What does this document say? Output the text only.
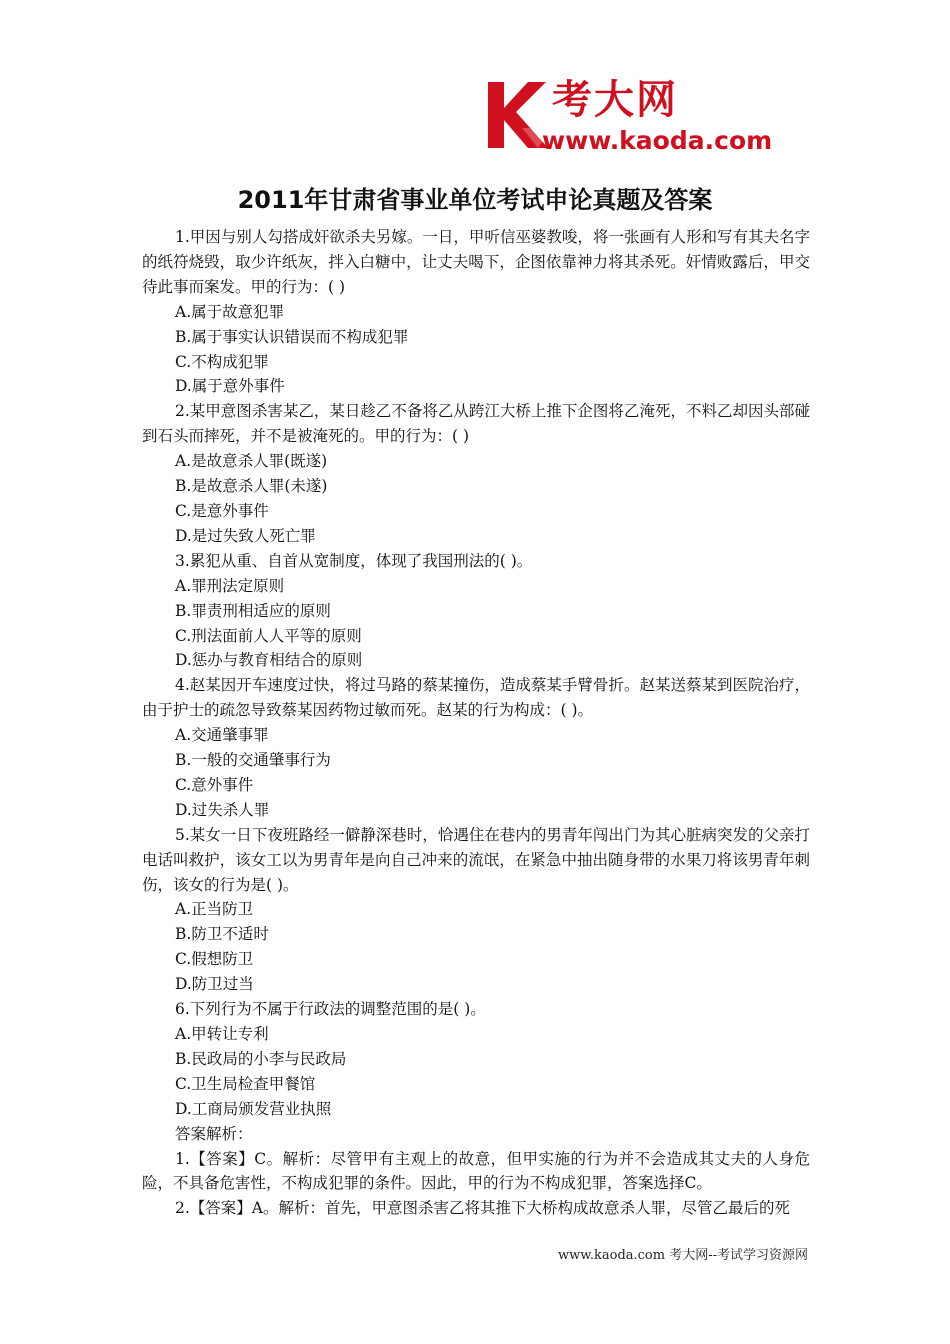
考大网
www.kaoda.com
2011年甘肃省事业单位考试申论真题及答案

1.甲因与别人勾搭成奸欲杀夫另嫁。一日，甲听信巫婆教唆，将一张画有人形和写有其夫名字的纸符烧毁，取少许纸灰，拌入白糖中，让丈夫喝下，企图依靠神力将其杀死。奸情败露后，甲交待此事而案发。甲的行为：( )

A.属于故意犯罪

B.属于事实认识错误而不构成犯罪

C.不构成犯罪

D.属于意外事件

2.某甲意图杀害某乙，某日趁乙不备将乙从跨江大桥上推下企图将乙淹死，不料乙却因头部碰到石头而摔死，并不是被淹死的。甲的行为：( )

A.是故意杀人罪(既遂)

B.是故意杀人罪(未遂)

C.是意外事件

D.是过失致人死亡罪

3.累犯从重、自首从宽制度，体现了我国刑法的( )。

A.罪刑法定原则

B.罪责刑相适应的原则

C.刑法面前人人平等的原则

D.惩办与教育相结合的原则

4.赵某因开车速度过快，将过马路的蔡某撞伤，造成蔡某手臂骨折。赵某送蔡某到医院治疗，由于护士的疏忽导致蔡某因药物过敏而死。赵某的行为构成：( )。

A.交通肇事罪

B.一般的交通肇事行为

C.意外事件

D.过失杀人罪

5.某女一日下夜班路经一僻静深巷时，恰遇住在巷内的男青年闯出门为其心脏病突发的父亲打电话叫救护，该女工以为男青年是向自己冲来的流氓，在紧急中抽出随身带的水果刀将该男青年刺伤，该女的行为是( )。

A.正当防卫

B.防卫不适时

C.假想防卫

D.防卫过当

6.下列行为不属于行政法的调整范围的是( )。

A.甲转让专利

B.民政局的小李与民政局

C.卫生局检查甲餐馆

D.工商局颁发营业执照

答案解析：

1.【答案】C。解析：尽管甲有主观上的故意，但甲实施的行为并不会造成其丈夫的人身危险，不具备危害性，不构成犯罪的条件。因此，甲的行为不构成犯罪，答案选择C。

2.【答案】A。解析：首先，甲意图杀害乙将其推下大桥构成故意杀人罪，尽管乙最后的死

www.kaoda.com 考大网--考试学习资源网
